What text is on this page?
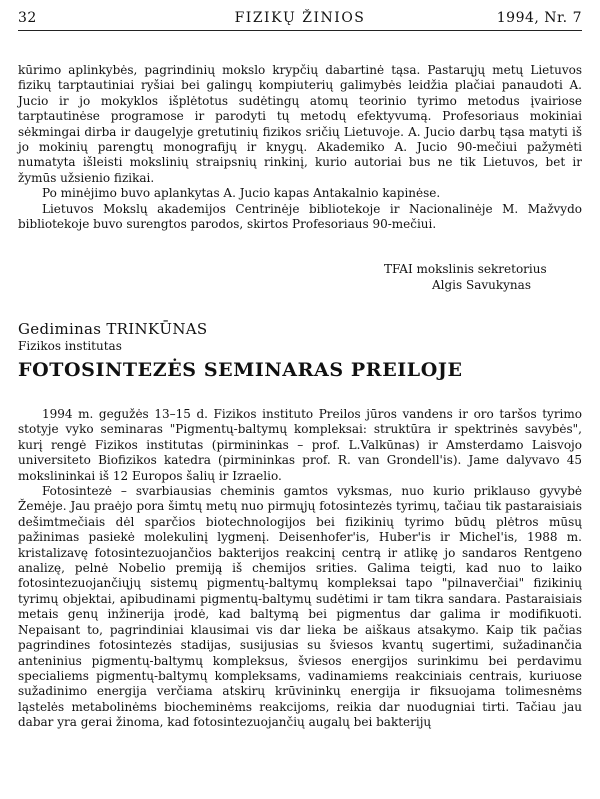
32	FIZIKŲ ŽINIOS	1994, Nr. 7

kūrimo aplinkybės, pagrindinių mokslo krypčių dabartinė tąsa. Pastarųjų metų Lietuvos fizikų tarptautiniai ryšiai bei galingų kompiuterių galimybės leidžia plačiai panaudoti A. Jucio ir jo mokyklos išplėtotus sudėtingų atomų teorinio tyrimo metodus įvairiose tarptautinėse programose ir parodyti tų metodų efektyvumą. Profesoriaus mokiniai sėkmingai dirba ir daugelyje gretutinių fizikos sričių Lietuvoje. A. Jucio darbų tąsa matyti iš jo mokinių parengtų monografijų ir knygų. Akademiko A. Jucio 90-mečiui pažymėti numatyta išleisti mokslinių straipsnių rinkinį, kurio autoriai bus ne tik Lietuvos, bet ir žymūs užsienio fizikai.

Po minėjimo buvo aplankytas A. Jucio kapas Antakalnio kapinėse.

Lietuvos Mokslų akademijos Centrinėje bibliotekoje ir Nacionalinėje M. Mažvydo bibliotekoje buvo surengtos parodos, skirtos Profesoriaus 90-mečiui.

TFAI mokslinis sekretorius
Algis Savukynas
Gediminas TRINKŪNAS
Fizikos institutas
FOTOSINTEZĖS SEMINARAS PREILOJE

1994 m. gegužės 13–15 d. Fizikos instituto Preilos jūros vandens ir oro taršos tyrimo stotyje vyko seminaras "Pigmentų-baltymų kompleksai: struktūra ir spektrinės savybės", kurį rengė Fizikos institutas (pirmininkas – prof. L.Valkūnas) ir Amsterdamo Laisvojo universiteto Biofizikos katedra (pirmininkas prof. R. van Grondell'is). Jame dalyvavo 45 mokslininkai iš 12 Europos šalių ir Izraelio.

Fotosintezė – svarbiausias cheminis gamtos vyksmas, nuo kurio priklauso gyvybė Žemėje. Jau praėjo pora šimtų metų nuo pirmųjų fotosintezės tyrimų, tačiau tik pastaraisiais dešimtmečiais dėl sparčios biotechnologijos bei fizikinių tyrimo būdų plėtros mūsų pažinimas pasiekė molekulinį lygmenį. Deisenhofer'is, Huber'is ir Michel'is, 1988 m. kristalizavę fotosintezuojančios bakterijos reakcinį centrą ir atlikę jo sandaros Rentgeno analizę, pelnė Nobelio premiją iš chemijos srities. Galima teigti, kad nuo to laiko fotosintezuojančiųjų sistemų pigmentų-baltymų kompleksai tapo "pilnaverčiai" fizikinių tyrimų objektai, apibudinami pigmentų-baltymų sudėtimi ir tam tikra sandara. Pastaraisiais metais genų inžinerija įrodė, kad baltymą bei pigmentus dar galima ir modifikuoti. Nepaisant to, pagrindiniai klausimai vis dar lieka be aiškaus atsakymo. Kaip tik pačias pagrindines fotosintezės stadijas, susijusias su šviesos kvantų sugertimi, sužadinančia anteninius pigmentų-baltymų kompleksus, šviesos energijos surinkimu bei perdavimu specialiems pigmentų-baltymų kompleksams, vadinamiems reakciniais centrais, kuriuose sužadinimo energija verčiama atskirų krūvininkų energija ir fiksuojama tolimesnėms ląstelės metabolinėms biocheminėms reakcijoms, reikia dar nuodugniai tirti. Tačiau jau dabar yra gerai žinoma, kad fotosintezuojančių augalų bei bakterijų
